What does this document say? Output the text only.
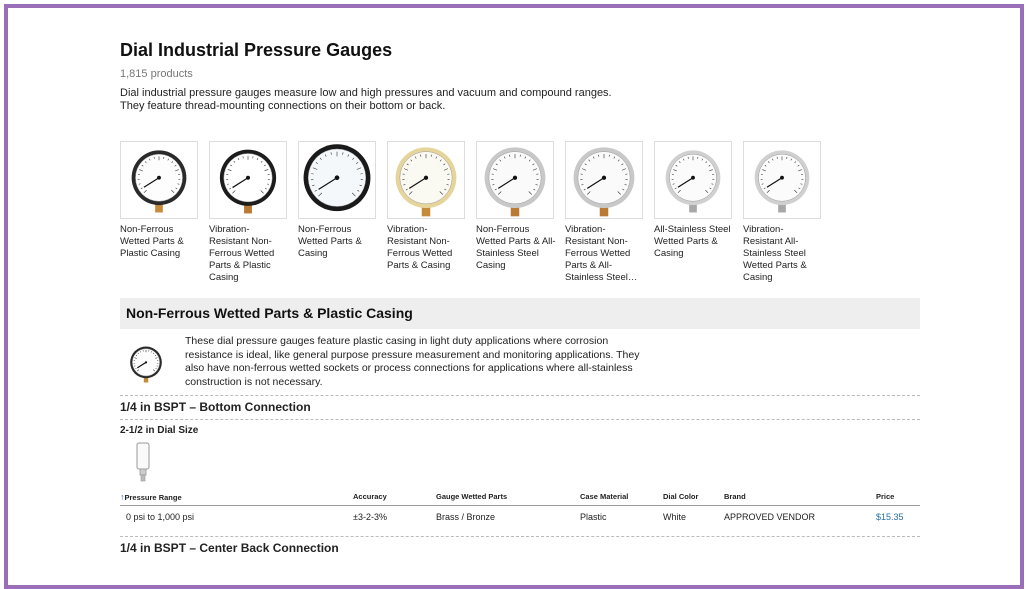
Dial Industrial Pressure Gauges
1,815 products
Dial industrial pressure gauges measure low and high pressures and vacuum and compound ranges. They feature thread-mounting connections on their bottom or back.
Non-Ferrous Wetted Parts & Plastic Casing
Vibration-Resistant Non-Ferrous Wetted Parts & Plastic Casing
Non-Ferrous Wetted Parts & Casing
Vibration-Resistant Non-Ferrous Wetted Parts & Casing
Non-Ferrous Wetted Parts & All-Stainless Steel Casing
Vibration-Resistant Non-Ferrous Wetted Parts & All-Stainless Steel…
All-Stainless Steel Wetted Parts & Casing
Vibration-Resistant All-Stainless Steel Wetted Parts & Casing
Non-Ferrous Wetted Parts & Plastic Casing
These dial pressure gauges feature plastic casing in light duty applications where corrosion resistance is ideal, like general purpose pressure measurement and monitoring applications. They also have non-ferrous wetted sockets or process connections for applications where all-stainless construction is not necessary.
1/4 in BSPT – Bottom Connection
2-1/2 in Dial Size
↑Pressure Range	Accuracy	Gauge Wetted Parts	Case Material	Dial Color	Brand	Price
0 psi to 1,000 psi	±3-2-3%	Brass / Bronze	Plastic	White	APPROVED VENDOR	$15.35
1/4 in BSPT – Center Back Connection
